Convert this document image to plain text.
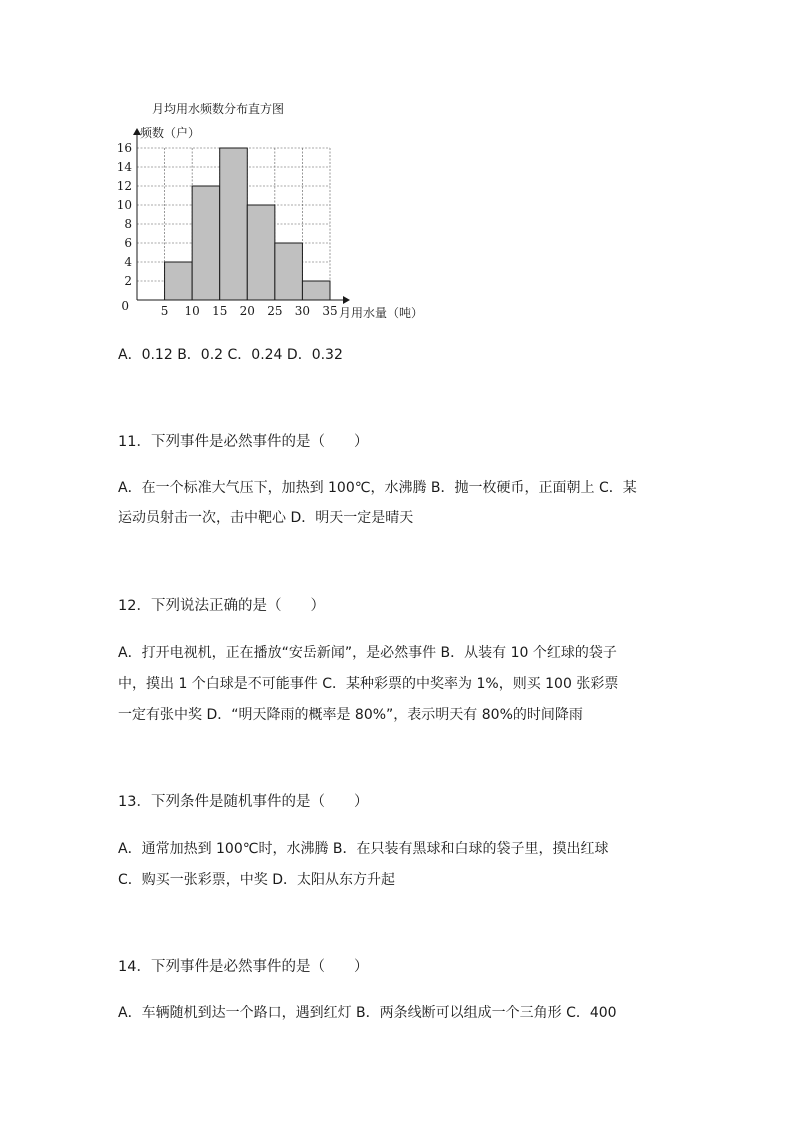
月均用水频数分布直方图
0
2
4
6
8
10
12
14
16
5 10 15 20 25 30 35
频数（户）
月用水量（吨）
A．0.12 B．0.2 C．0.24 D．0.32
11．下列事件是必然事件的是（　　）
A．在一个标准大气压下，加热到 100℃，水沸腾 B．抛一枚硬币，正面朝上 C．某
运动员射击一次，击中靶心 D．明天一定是晴天
12．下列说法正确的是（　　）
A．打开电视机，正在播放“安岳新闻”，是必然事件 B．从装有 10 个红球的袋子
中，摸出 1 个白球是不可能事件 C．某种彩票的中奖率为 1%，则买 100 张彩票
一定有张中奖 D．“明天降雨的概率是 80%”，表示明天有 80%的时间降雨
13．下列条件是随机事件的是（　　）
A．通常加热到 100℃时，水沸腾 B．在只装有黑球和白球的袋子里，摸出红球
C．购买一张彩票，中奖 D．太阳从东方升起
14．下列事件是必然事件的是（　　）
A．车辆随机到达一个路口，遇到红灯 B．两条线断可以组成一个三角形 C．400
